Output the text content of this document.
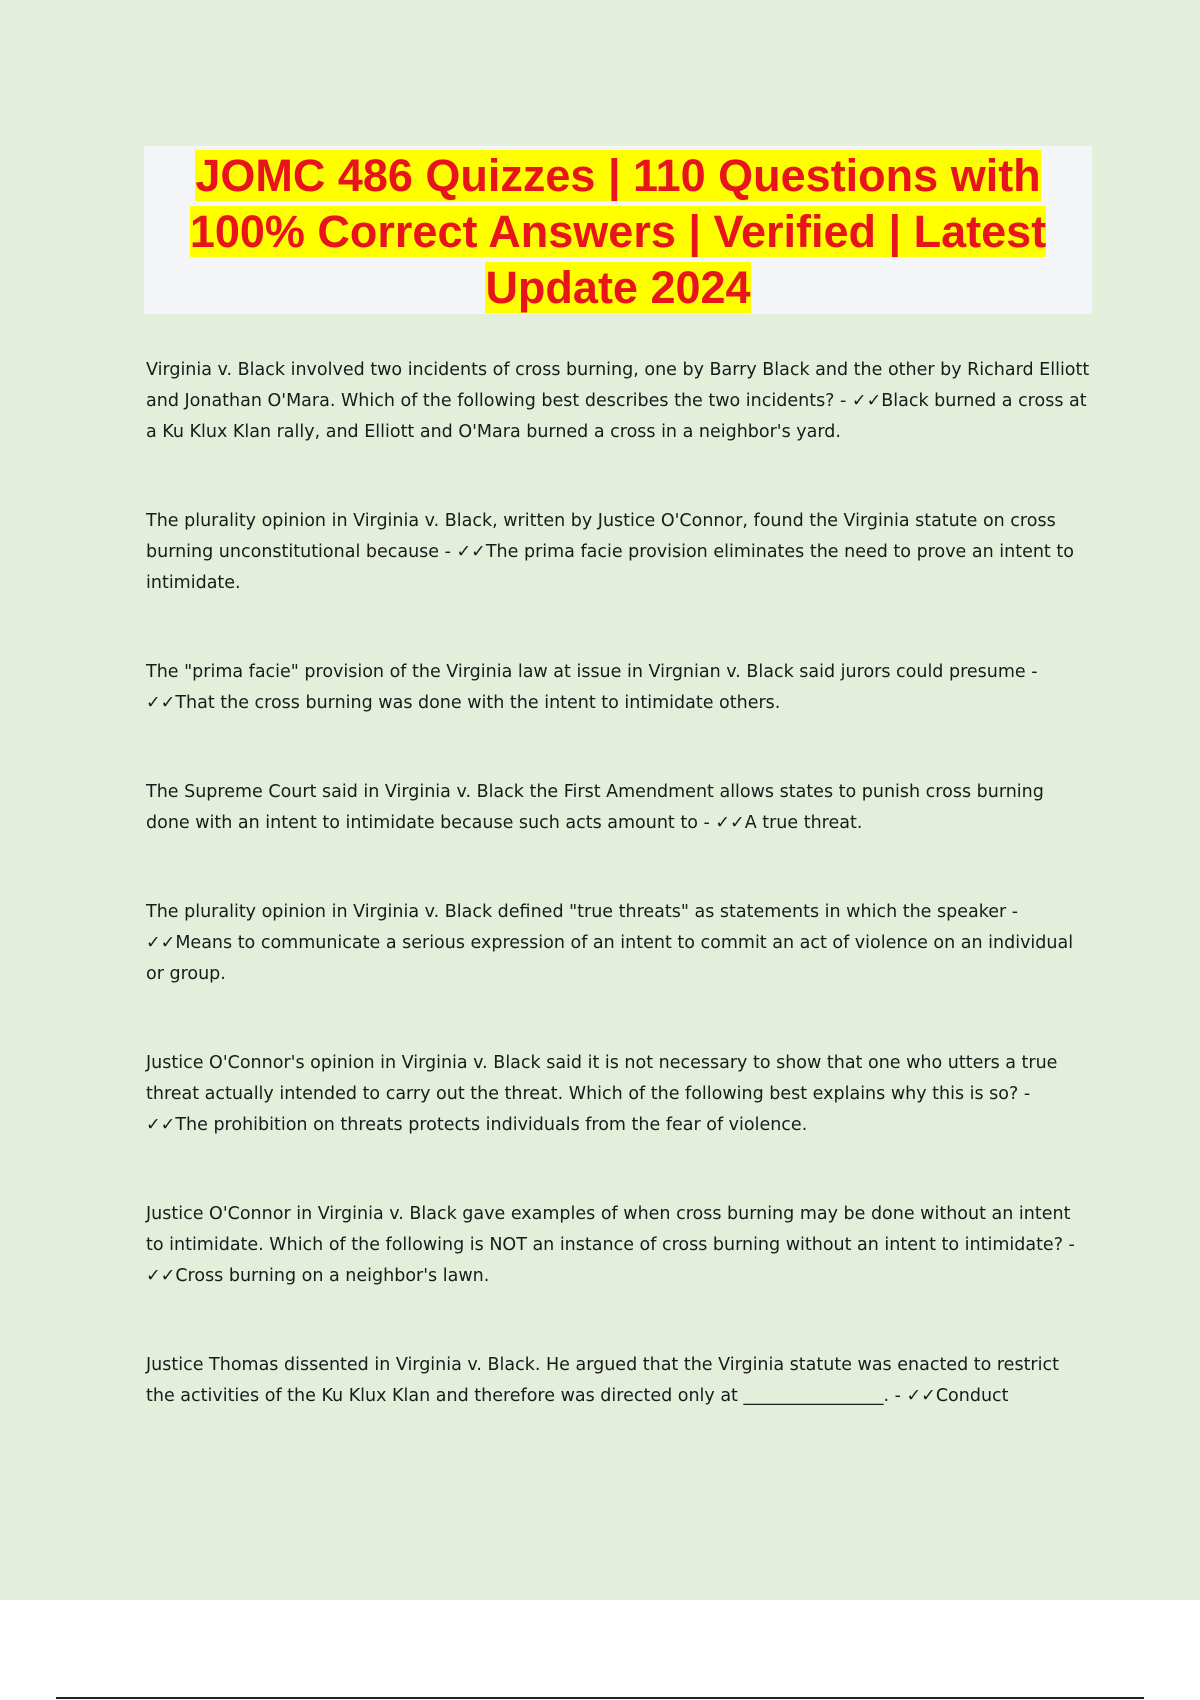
JOMC 486 Quizzes | 110 Questions with 100% Correct Answers | Verified | Latest Update 2024

Virginia v. Black involved two incidents of cross burning, one by Barry Black and the other by Richard Elliott and Jonathan O'Mara. Which of the following best describes the two incidents? - ✓✓Black burned a cross at a Ku Klux Klan rally, and Elliott and O'Mara burned a cross in a neighbor's yard.

The plurality opinion in Virginia v. Black, written by Justice O'Connor, found the Virginia statute on cross burning unconstitutional because - ✓✓The prima facie provision eliminates the need to prove an intent to intimidate.

The "prima facie" provision of the Virginia law at issue in Virgnian v. Black said jurors could presume - ✓✓That the cross burning was done with the intent to intimidate others.

The Supreme Court said in Virginia v. Black the First Amendment allows states to punish cross burning done with an intent to intimidate because such acts amount to - ✓✓A true threat.

The plurality opinion in Virginia v. Black defined "true threats" as statements in which the speaker - ✓✓Means to communicate a serious expression of an intent to commit an act of violence on an individual or group.

Justice O'Connor's opinion in Virginia v. Black said it is not necessary to show that one who utters a true threat actually intended to carry out the threat. Which of the following best explains why this is so? - ✓✓The prohibition on threats protects individuals from the fear of violence.

Justice O'Connor in Virginia v. Black gave examples of when cross burning may be done without an intent to intimidate. Which of the following is NOT an instance of cross burning without an intent to intimidate? - ✓✓Cross burning on a neighbor's lawn.

Justice Thomas dissented in Virginia v. Black. He argued that the Virginia statute was enacted to restrict the activities of the Ku Klux Klan and therefore was directed only at ________________. - ✓✓Conduct
